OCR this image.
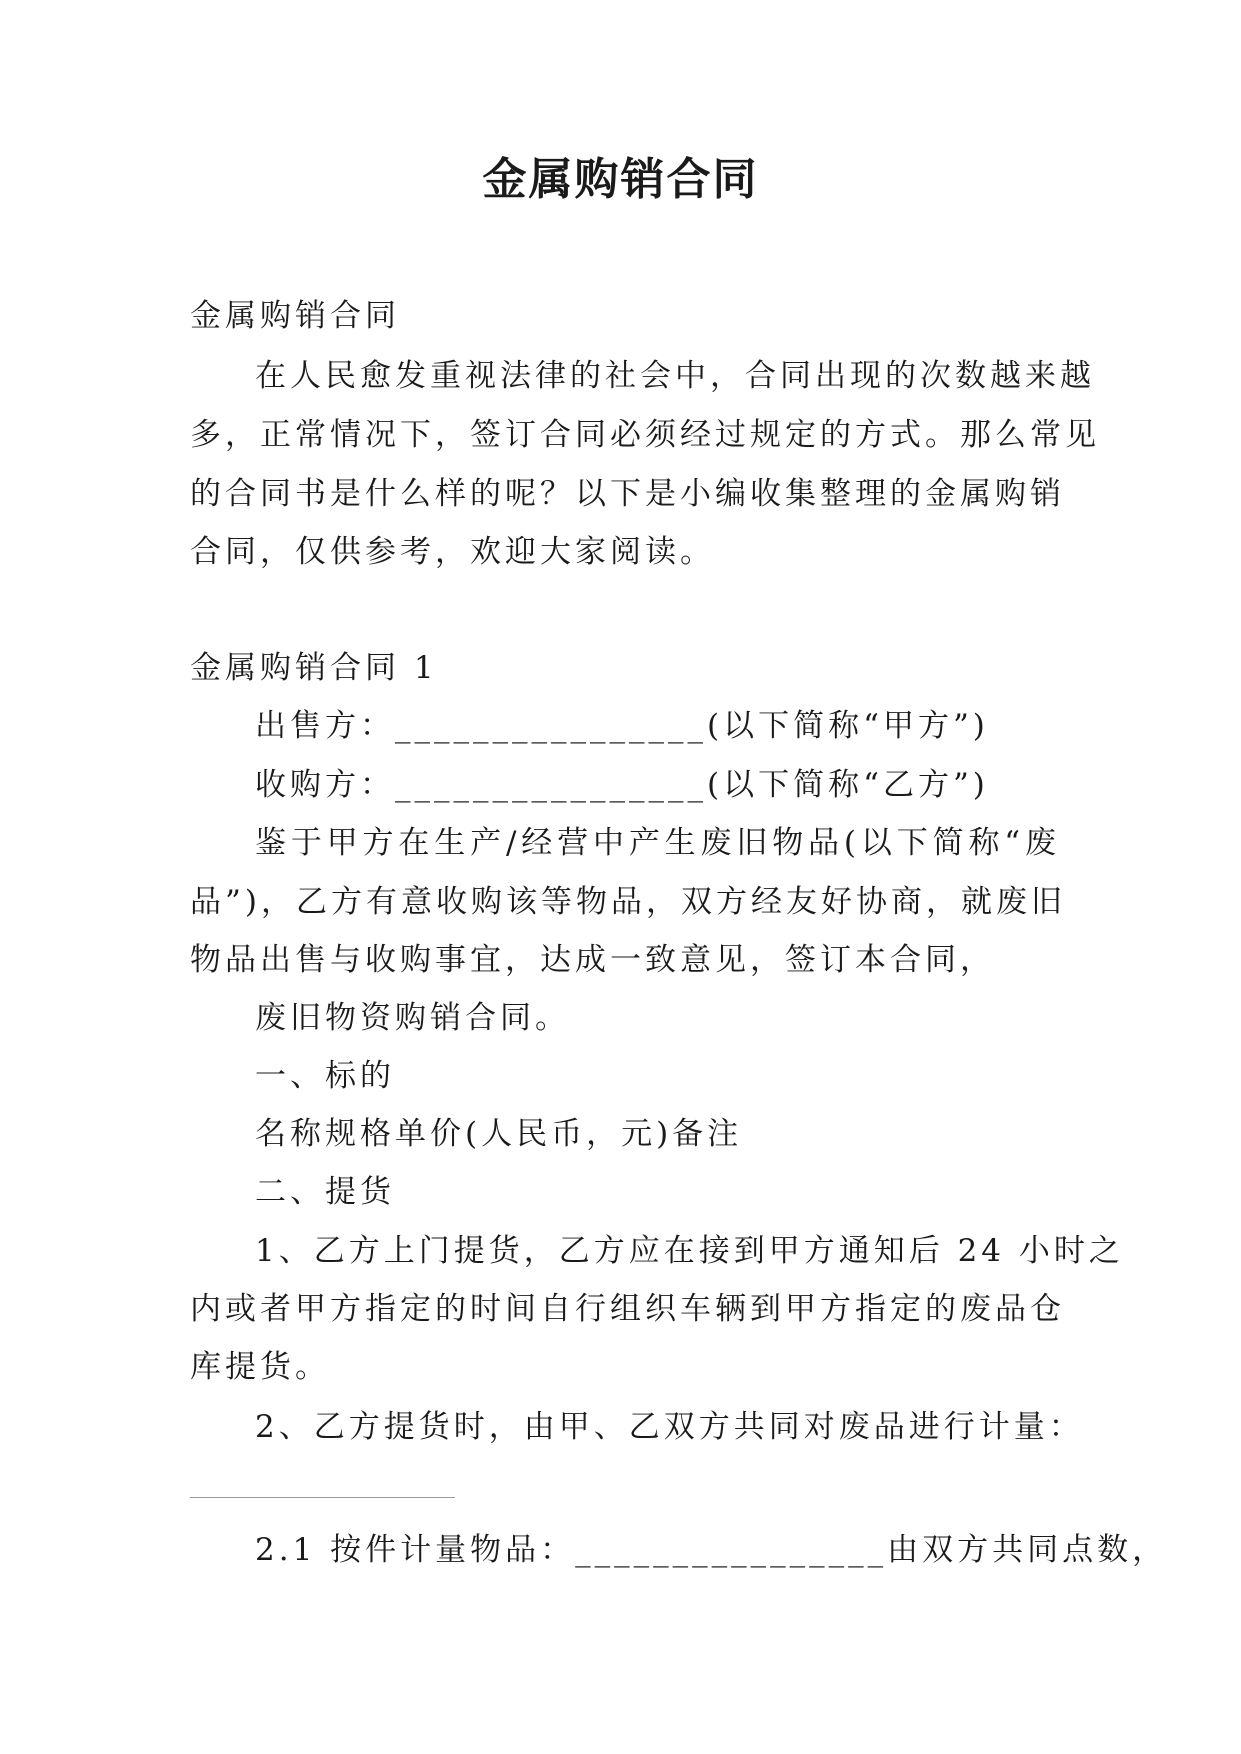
金属购销合同
金属购销合同
在人民愈发重视法律的社会中，合同出现的次数越来越
多，正常情况下，签订合同必须经过规定的方式。那么常见
的合同书是什么样的呢？以下是小编收集整理的金属购销
合同，仅供参考，欢迎大家阅读。
金属购销合同 1
出售方：________________(以下简称“甲方”)
收购方：________________(以下简称“乙方”)
鉴于甲方在生产/经营中产生废旧物品(以下简称“废
品”)，乙方有意收购该等物品，双方经友好协商，就废旧
物品出售与收购事宜，达成一致意见，签订本合同，
废旧物资购销合同。
一、标的
名称规格单价(人民币，元)备注
二、提货
1、乙方上门提货，乙方应在接到甲方通知后 24 小时之
内或者甲方指定的时间自行组织车辆到甲方指定的废品仓
库提货。
2、乙方提货时，由甲、乙双方共同对废品进行计量：
2.1 按件计量物品：________________由双方共同点数，
